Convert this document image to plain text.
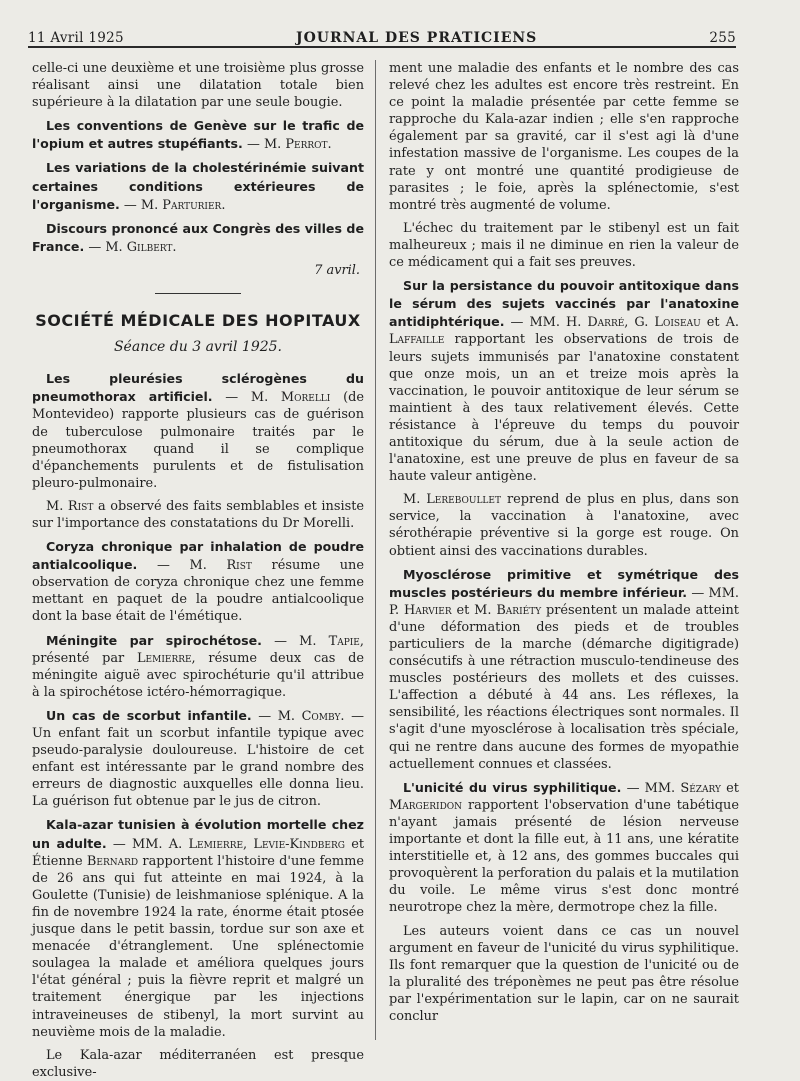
11 Avril 1925	JOURNAL DES PRATICIENS	255

celle-ci une deuxième et une troisième plus grosse réalisant ainsi une dilatation totale bien supérieure à la dilatation par une seule bougie.

Les conventions de Genève sur le trafic de l'opium et autres stupéfiants. — M. Perrot.

Les variations de la cholestérinémie suivant certaines conditions extérieures de l'organisme. — M. Parturier.

Discours prononcé aux Congrès des villes de France. — M. Gilbert.

7 avril.

SOCIÉTÉ MÉDICALE DES HOPITAUX
Séance du 3 avril 1925.

Les pleurésies sclérogènes du pneumothorax artificiel. — M. Morelli (de Montevideo) rapporte plusieurs cas de guérison de tuberculose pulmonaire traités par le pneumothorax quand il se complique d'épanchements purulents et de fistulisation pleuro-pulmonaire.

M. Rist a observé des faits semblables et insiste sur l'importance des constatations du Dr Morelli.

Coryza chronique par inhalation de poudre antialcoolique. — M. Rist résume une observation de coryza chronique chez une femme mettant en paquet de la poudre antialcoolique dont la base était de l'émétique.

Méningite par spirochétose. — M. Tapie, présenté par Lemierre, résume deux cas de méningite aiguë avec spirochéturie qu'il attribue à la spirochétose ictéro-hémorragique.

Un cas de scorbut infantile. — M. Comby. — Un enfant fait un scorbut infantile typique avec pseudo-paralysie douloureuse. L'histoire de cet enfant est intéressante par le grand nombre des erreurs de diagnostic auxquelles elle donna lieu. La guérison fut obtenue par le jus de citron.

Kala-azar tunisien à évolution mortelle chez un adulte. — MM. A. Lemierre, Levie-Kindberg et Étienne Bernard rapportent l'histoire d'une femme de 26 ans qui fut atteinte en mai 1924, à la Goulette (Tunisie) de leishmaniose splénique. A la fin de novembre 1924 la rate, énorme était ptosée jusque dans le petit bassin, tordue sur son axe et menacée d'étranglement. Une splénectomie soulagea la malade et améliora quelques jours l'état général ; puis la fièvre reprit et malgré un traitement énergique par les injections intraveineuses de stibenyl, la mort survint au neuvième mois de la maladie.

Le Kala-azar méditerranéen est presque exclusive-

ment une maladie des enfants et le nombre des cas relevé chez les adultes est encore très restreint. En ce point la maladie présentée par cette femme se rapproche du Kala-azar indien ; elle s'en rapproche également par sa gravité, car il s'est agi là d'une infestation massive de l'organisme. Les coupes de la rate y ont montré une quantité prodigieuse de parasites ; le foie, après la splénectomie, s'est montré très augmenté de volume.

L'échec du traitement par le stibenyl est un fait malheureux ; mais il ne diminue en rien la valeur de ce médicament qui a fait ses preuves.

Sur la persistance du pouvoir antitoxique dans le sérum des sujets vaccinés par l'anatoxine antidiphtérique. — MM. H. Darré, G. Loiseau et A. Laffaille rapportant les observations de trois de leurs sujets immunisés par l'anatoxine constatent que onze mois, un an et treize mois après la vaccination, le pouvoir antitoxique de leur sérum se maintient à des taux relativement élevés. Cette résistance à l'épreuve du temps du pouvoir antitoxique du sérum, due à la seule action de l'anatoxine, est une preuve de plus en faveur de sa haute valeur antigène.

M. Lereboullet reprend de plus en plus, dans son service, la vaccination à l'anatoxine, avec sérothérapie préventive si la gorge est rouge. On obtient ainsi des vaccinations durables.

Myosclérose primitive et symétrique des muscles postérieurs du membre inférieur. — MM. P. Harvier et M. Bariéty présentent un malade atteint d'une déformation des pieds et de troubles particuliers de la marche (démarche digitigrade) consécutifs à une rétraction musculo-tendineuse des muscles postérieurs des mollets et des cuisses. L'affection a débuté à 44 ans. Les réflexes, la sensibilité, les réactions électriques sont normales. Il s'agit d'une myosclérose à localisation très spéciale, qui ne rentre dans aucune des formes de myopathie actuellement connues et classées.

L'unicité du virus syphilitique. — MM. Sézary et Margeridon rapportent l'observation d'une tabétique n'ayant jamais présenté de lésion nerveuse importante et dont la fille eut, à 11 ans, une kératite interstitielle et, à 12 ans, des gommes buccales qui provoquèrent la perforation du palais et la mutilation du voile. Le même virus s'est donc montré neurotrope chez la mère, dermotrope chez la fille.

Les auteurs voient dans ce cas un nouvel argument en faveur de l'unicité du virus syphilitique. Ils font remarquer que la question de l'unicité ou de la pluralité des tréponèmes ne peut pas être résolue par l'expérimentation sur le lapin, car on ne saurait conclur
